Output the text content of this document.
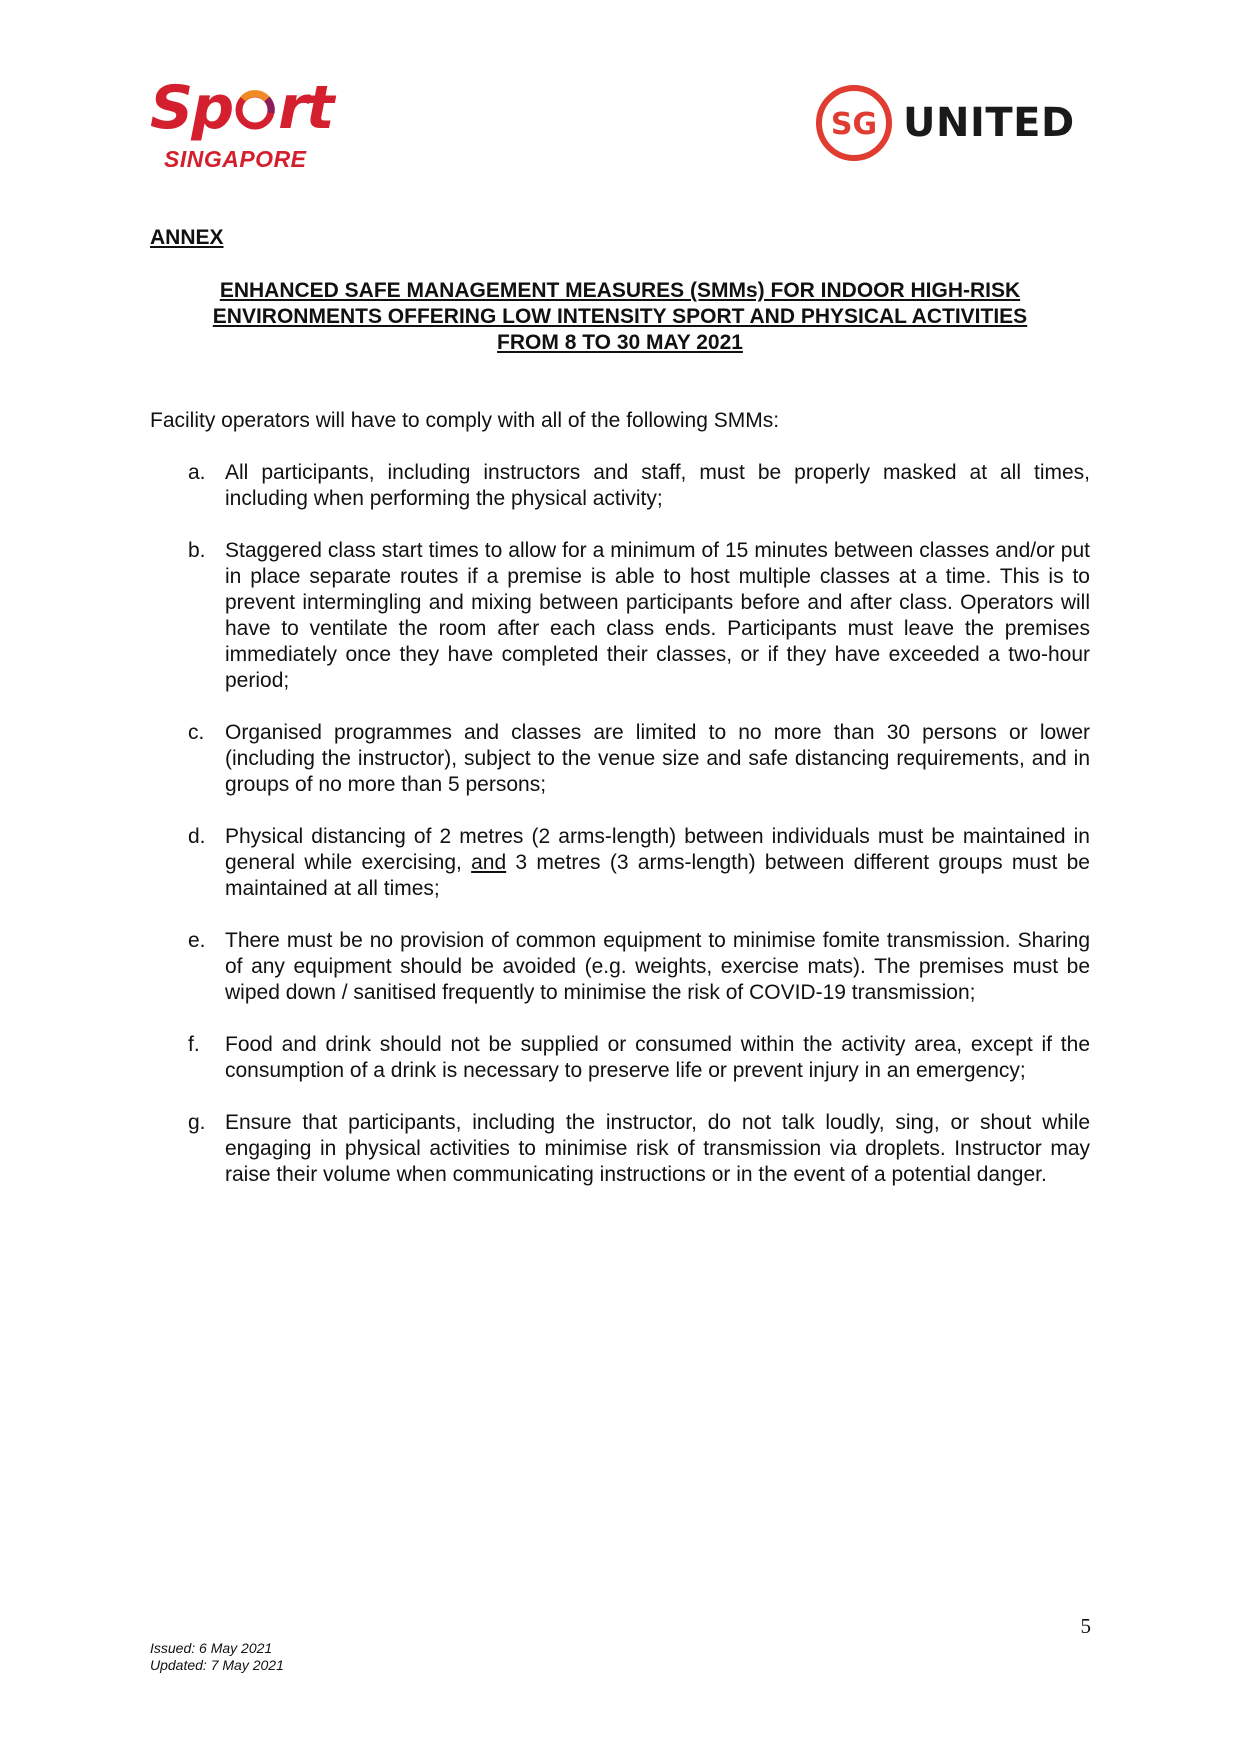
Sp rt
SINGAPORE
SG UNITED
ANNEX
ENHANCED SAFE MANAGEMENT MEASURES (SMMs) FOR INDOOR HIGH-RISK
ENVIRONMENTS OFFERING LOW INTENSITY SPORT AND PHYSICAL ACTIVITIES
FROM 8 TO 30 MAY 2021

Facility operators will have to comply with all of the following SMMs:

a. All participants, including instructors and staff, must be properly masked at all times, including when performing the physical activity;
b. Staggered class start times to allow for a minimum of 15 minutes between classes and/or put in place separate routes if a premise is able to host multiple classes at a time. This is to prevent intermingling and mixing between participants before and after class. Operators will have to ventilate the room after each class ends. Participants must leave the premises immediately once they have completed their classes, or if they have exceeded a two-hour period;
c. Organised programmes and classes are limited to no more than 30 persons or lower (including the instructor), subject to the venue size and safe distancing requirements, and in groups of no more than 5 persons;
d. Physical distancing of 2 metres (2 arms-length) between individuals must be maintained in general while exercising, and 3 metres (3 arms-length) between different groups must be maintained at all times;
e. There must be no provision of common equipment to minimise fomite transmission. Sharing of any equipment should be avoided (e.g. weights, exercise mats). The premises must be wiped down / sanitised frequently to minimise the risk of COVID-19 transmission;
f. Food and drink should not be supplied or consumed within the activity area, except if the consumption of a drink is necessary to preserve life or prevent injury in an emergency;
g. Ensure that participants, including the instructor, do not talk loudly, sing, or shout while engaging in physical activities to minimise risk of transmission via droplets. Instructor may raise their volume when communicating instructions or in the event of a potential danger.
5
Issued: 6 May 2021
Updated: 7 May 2021
